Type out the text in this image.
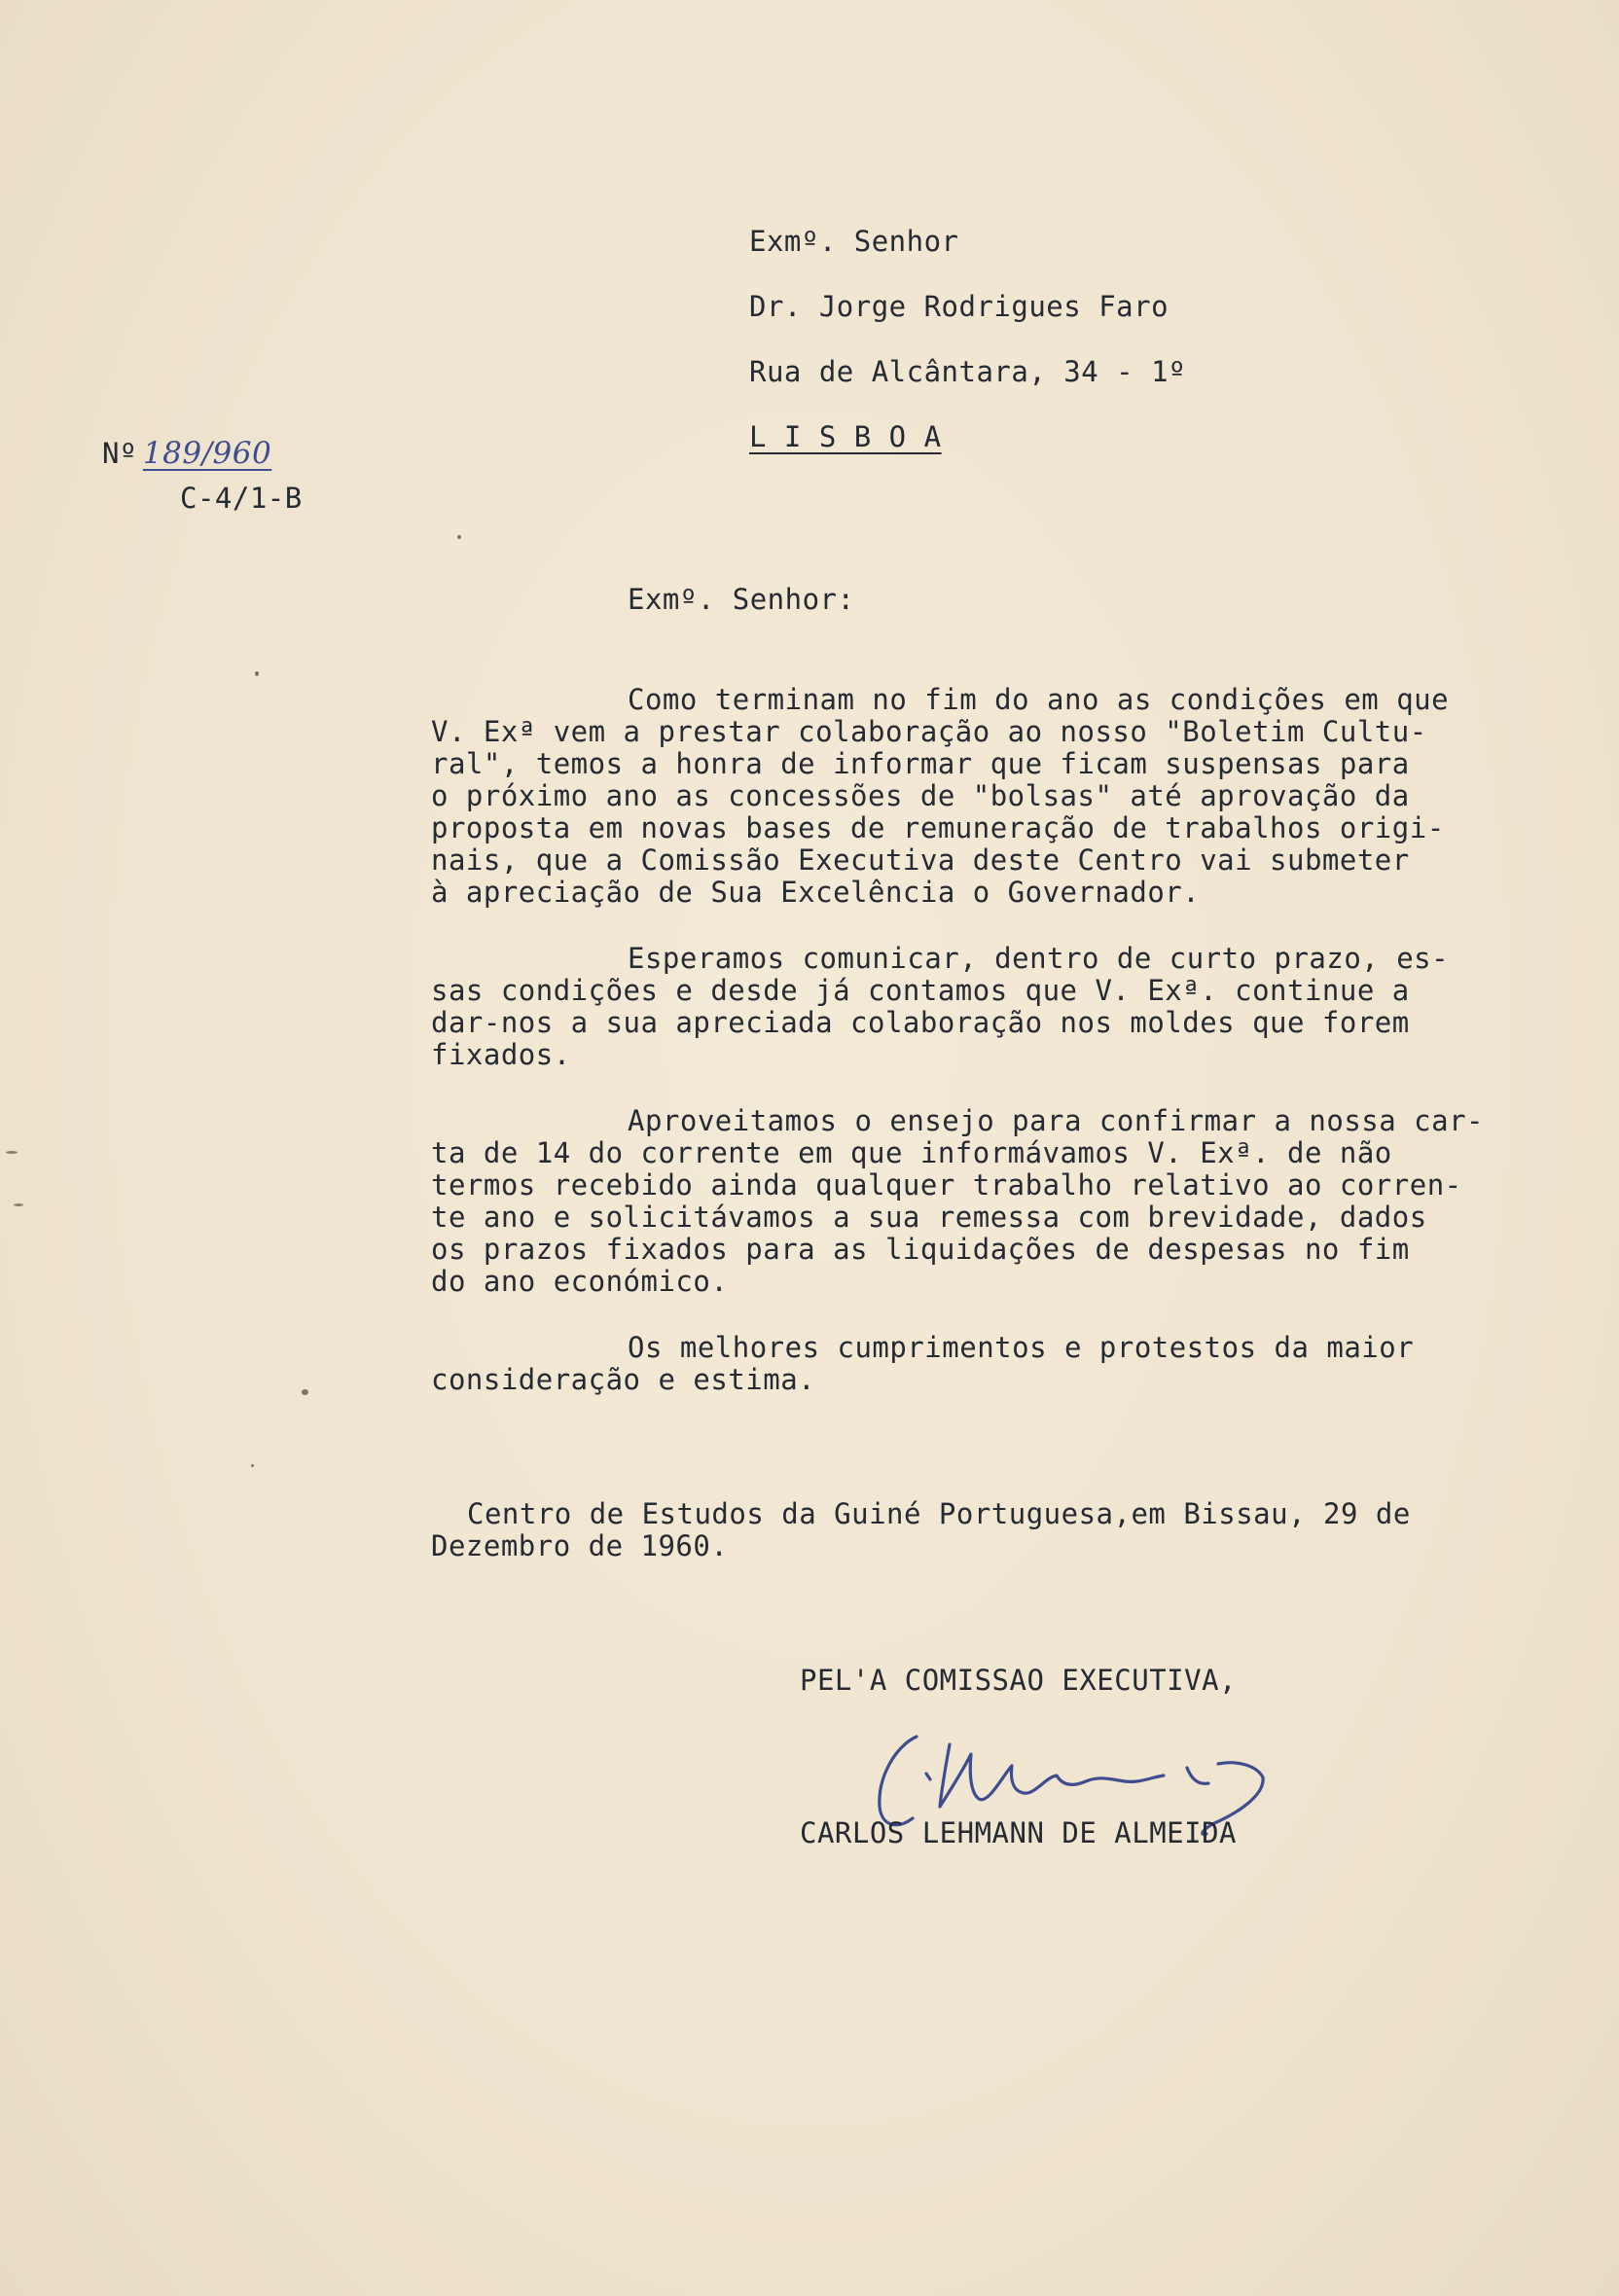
Exmº. Senhor
Dr. Jorge Rodrigues Faro
Rua de Alcântara, 34 - 1º
L I S B O A
Nº 189/960
C-4/1-B
Exmº. Senhor:
Como terminam no fim do ano as condições em que
V. Exª vem a prestar colaboração ao nosso "Boletim Cultu-
ral", temos a honra de informar que ficam suspensas para
o próximo ano as concessões de "bolsas" até aprovação da
proposta em novas bases de remuneração de trabalhos origi-
nais, que a Comissão Executiva deste Centro vai submeter
à apreciação de Sua Excelência o Governador.
Esperamos comunicar, dentro de curto prazo, es-
sas condições e desde já contamos que V. Exª. continue a
dar-nos a sua apreciada colaboração nos moldes que forem
fixados.
Aproveitamos o ensejo para confirmar a nossa car-
ta de 14 do corrente em que informávamos V. Exª. de não
termos recebido ainda qualquer trabalho relativo ao corren-
te ano e solicitávamos a sua remessa com brevidade, dados
os prazos fixados para as liquidações de despesas no fim
do ano económico.
Os melhores cumprimentos e protestos da maior
consideração e estima.
Centro de Estudos da Guiné Portuguesa,em Bissau, 29 de
Dezembro de 1960.
PEL'A COMISSAO EXECUTIVA,
CARLOS LEHMANN DE ALMEIDA
